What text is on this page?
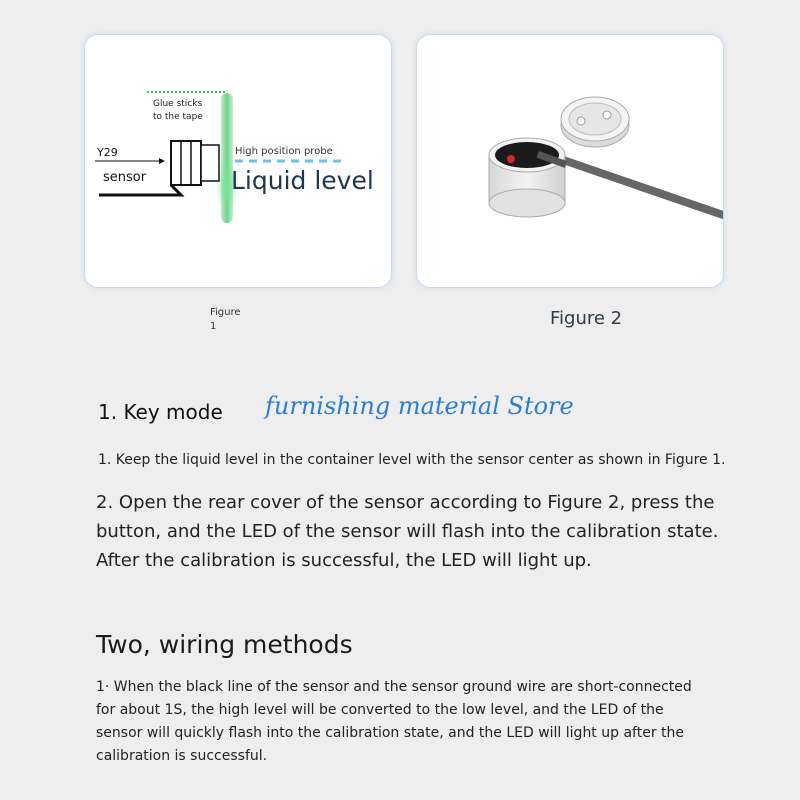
Glue sticks
to the tape
Y29
sensor
High position probe
Liquid level
Figure
1	Figure 2
1. Key mode furnishing material Store
1. Keep the liquid level in the container level with the sensor center as shown in Figure 1.
2. Open the rear cover of the sensor according to Figure 2, press the
button, and the LED of the sensor will flash into the calibration state.
After the calibration is successful, the LED will light up.
Two, wiring methods
1· When the black line of the sensor and the sensor ground wire are short-connected
for about 1S, the high level will be converted to the low level, and the LED of the
sensor will quickly flash into the calibration state, and the LED will light up after the
calibration is successful.
